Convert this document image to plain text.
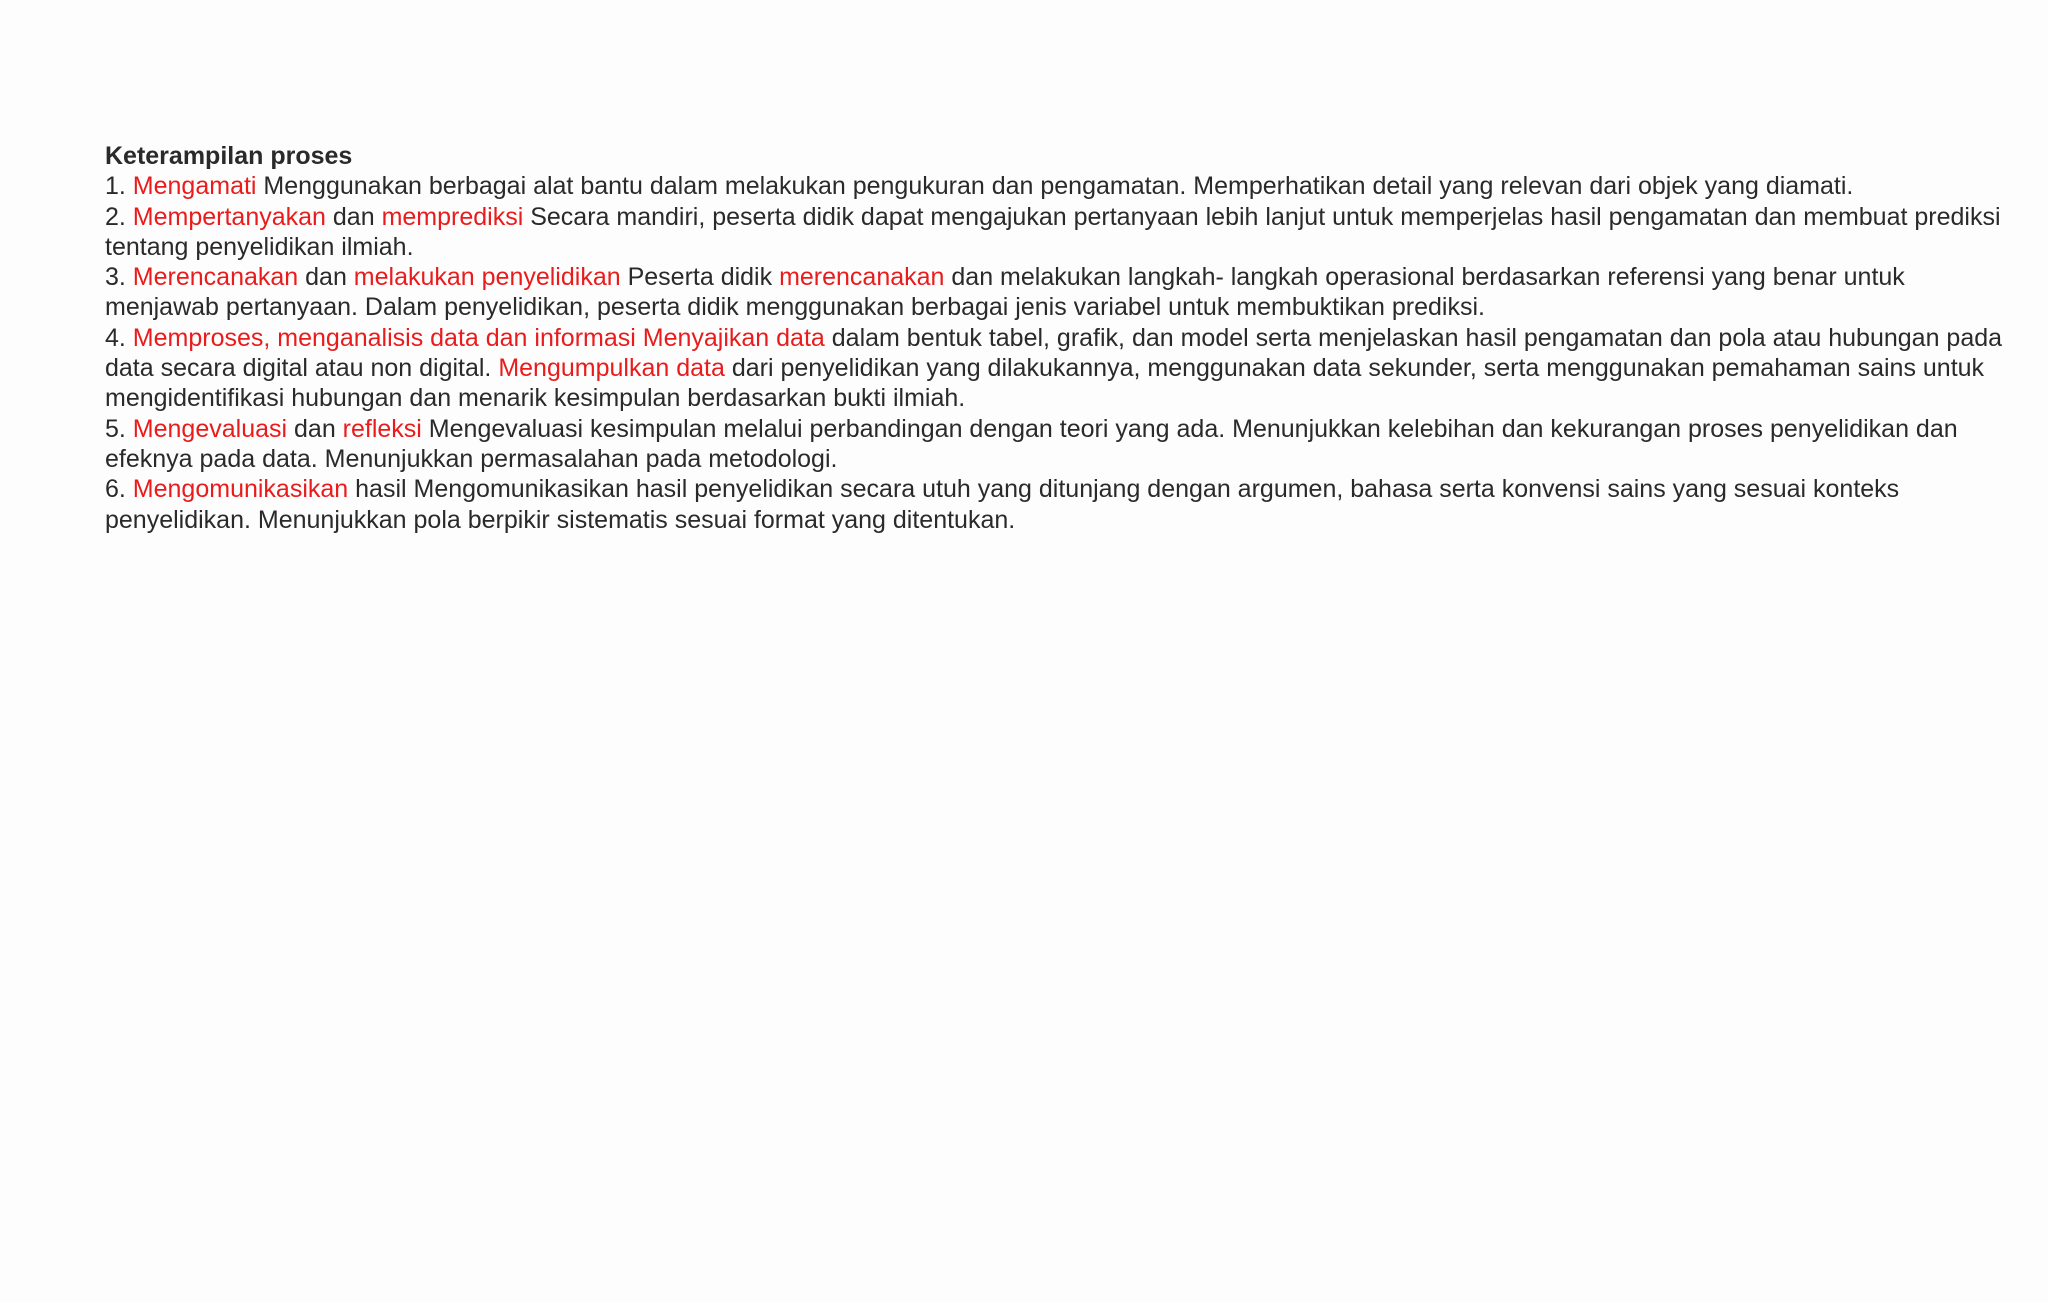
Keterampilan proses

1. Mengamati Menggunakan berbagai alat bantu dalam melakukan pengukuran dan pengamatan. Memperhatikan detail yang relevan dari objek yang diamati.

2. Mempertanyakan dan memprediksi Secara mandiri, peserta didik dapat mengajukan pertanyaan lebih lanjut untuk memperjelas hasil pengamatan dan membuat prediksi tentang penyelidikan ilmiah.

3. Merencanakan dan melakukan penyelidikan Peserta didik merencanakan dan melakukan langkah- langkah operasional berdasarkan referensi yang benar untuk menjawab pertanyaan. Dalam penyelidikan, peserta didik menggunakan berbagai jenis variabel untuk membuktikan prediksi.

4. Memproses, menganalisis data dan informasi Menyajikan data dalam bentuk tabel, grafik, dan model serta menjelaskan hasil pengamatan dan pola atau hubungan pada data secara digital atau non digital. Mengumpulkan data dari penyelidikan yang dilakukannya, menggunakan data sekunder, serta menggunakan pemahaman sains untuk mengidentifikasi hubungan dan menarik kesimpulan berdasarkan bukti ilmiah.

5. Mengevaluasi dan refleksi Mengevaluasi kesimpulan melalui perbandingan dengan teori yang ada. Menunjukkan kelebihan dan kekurangan proses penyelidikan dan efeknya pada data. Menunjukkan permasalahan pada metodologi.

6. Mengomunikasikan hasil Mengomunikasikan hasil penyelidikan secara utuh yang ditunjang dengan argumen, bahasa serta konvensi sains yang sesuai konteks penyelidikan. Menunjukkan pola berpikir sistematis sesuai format yang ditentukan.
